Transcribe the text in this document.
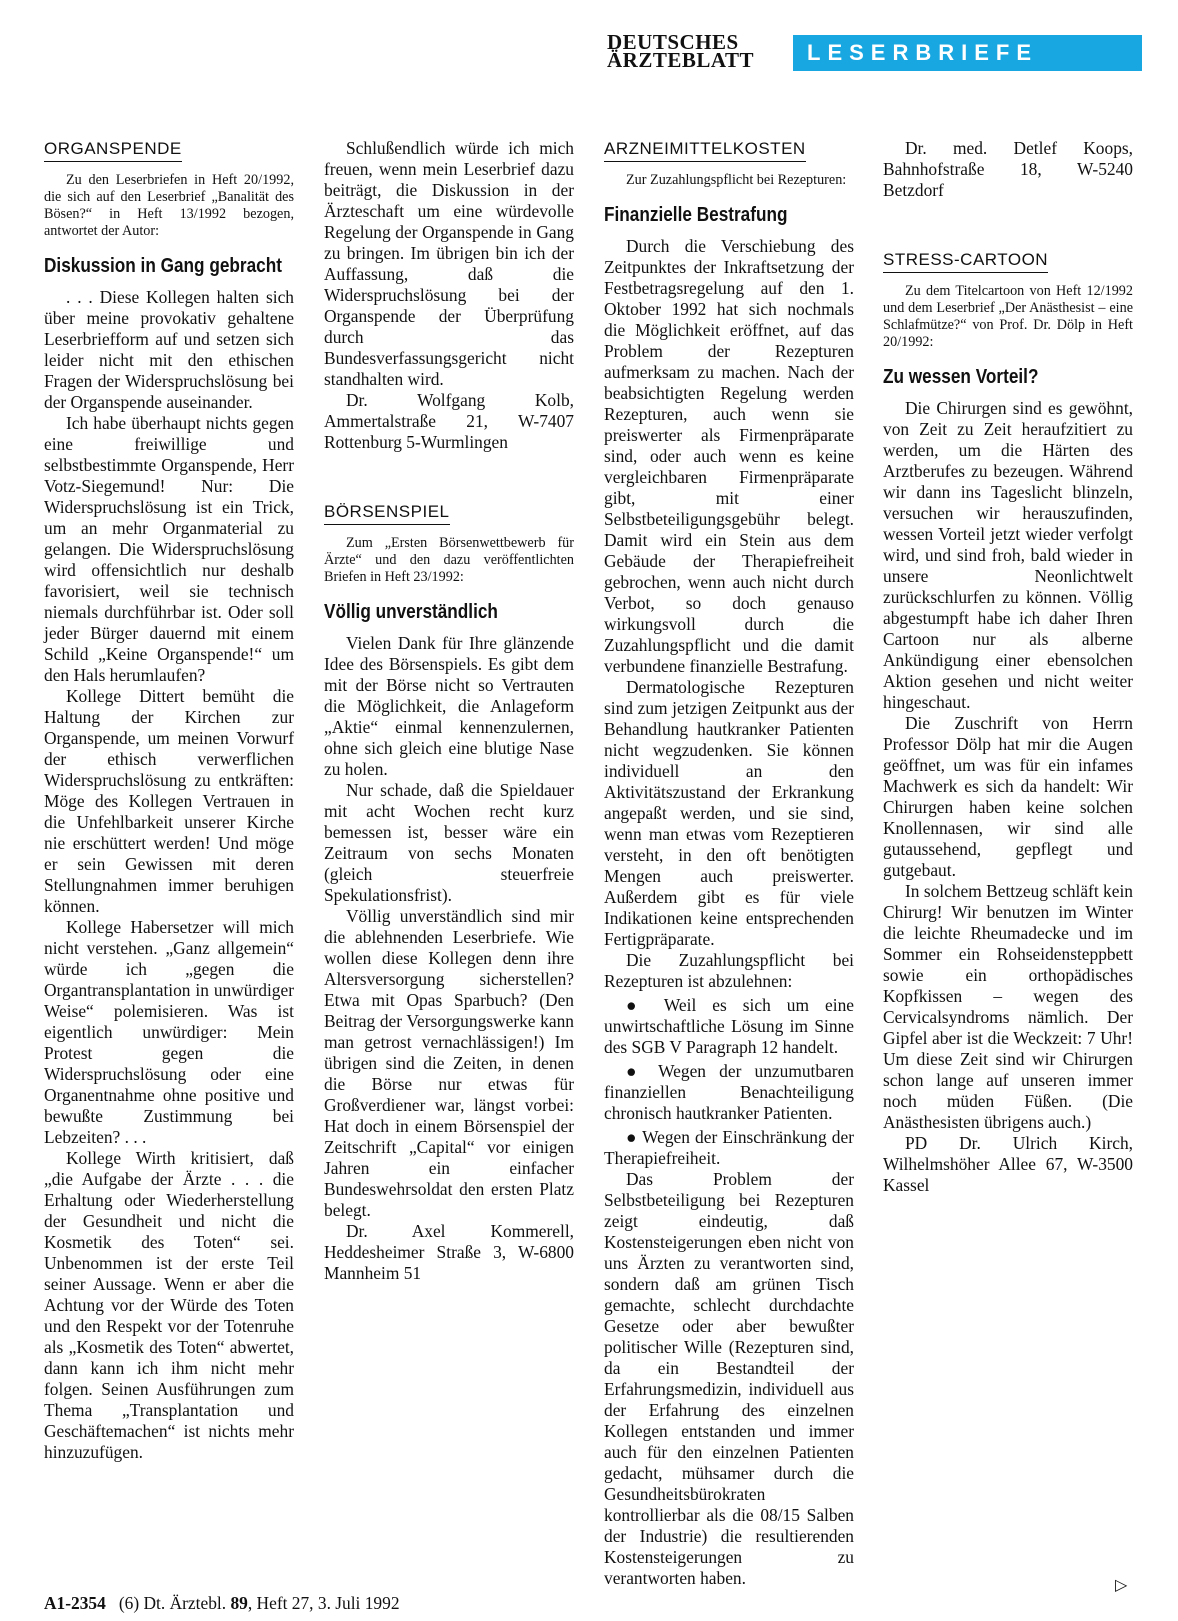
DEUTSCHES
ÄRZTEBLATT	LESERBRIEFE
ORGANSPENDE

Zu den Leserbriefen in Heft 20/1992, die sich auf den Leserbrief „Banalität des Bösen?“ in Heft 13/1992 bezogen, antwortet der Autor:

Diskussion in Gang gebracht

. . . Diese Kollegen halten sich über meine provokativ gehaltene Leserbriefform auf und setzen sich leider nicht mit den ethischen Fragen der Widerspruchslösung bei der Organspende auseinander.

Ich habe überhaupt nichts gegen eine freiwillige und selbstbestimmte Organspende, Herr Votz-Siegemund! Nur: Die Widerspruchslösung ist ein Trick, um an mehr Organmaterial zu gelangen. Die Widerspruchslösung wird offensichtlich nur deshalb favorisiert, weil sie technisch niemals durchführbar ist. Oder soll jeder Bürger dauernd mit einem Schild „Keine Organspende!“ um den Hals herumlaufen?

Kollege Dittert bemüht die Haltung der Kirchen zur Organspende, um meinen Vorwurf der ethisch verwerflichen Widerspruchslösung zu entkräften: Möge des Kollegen Vertrauen in die Unfehlbarkeit unserer Kirche nie erschüttert werden! Und möge er sein Gewissen mit deren Stellungnahmen immer beruhigen können.

Kollege Habersetzer will mich nicht verstehen. „Ganz allgemein“ würde ich „gegen die Organtransplantation in unwürdiger Weise“ polemisieren. Was ist eigentlich unwürdiger: Mein Protest gegen die Widerspruchslösung oder eine Organentnahme ohne positive und bewußte Zustimmung bei Lebzeiten? . . .

Kollege Wirth kritisiert, daß „die Aufgabe der Ärzte . . . die Erhaltung oder Wiederherstellung der Gesundheit und nicht die Kosmetik des Toten“ sei. Unbenommen ist der erste Teil seiner Aussage. Wenn er aber die Achtung vor der Würde des Toten und den Respekt vor der Totenruhe als „Kosmetik des Toten“ abwertet, dann kann ich ihm nicht mehr folgen. Seinen Ausführungen zum Thema „Transplantation und Geschäftemachen“ ist nichts mehr hinzuzufügen.

Schlußendlich würde ich mich freuen, wenn mein Leserbrief dazu beiträgt, die Diskussion in der Ärzteschaft um eine würdevolle Regelung der Organspende in Gang zu bringen. Im übrigen bin ich der Auffassung, daß die Widerspruchslösung bei der Organspende der Überprüfung durch das Bundesverfassungsgericht nicht standhalten wird.

Dr. Wolfgang Kolb, Ammertalstraße 21, W-7407 Rottenburg 5-Wurmlingen

BÖRSENSPIEL

Zum „Ersten Börsenwettbewerb für Ärzte“ und den dazu veröffentlichten Briefen in Heft 23/1992:

Völlig unverständlich

Vielen Dank für Ihre glänzende Idee des Börsenspiels. Es gibt dem mit der Börse nicht so Vertrauten die Möglichkeit, die Anlageform „Aktie“ einmal kennenzulernen, ohne sich gleich eine blutige Nase zu holen.

Nur schade, daß die Spieldauer mit acht Wochen recht kurz bemessen ist, besser wäre ein Zeitraum von sechs Monaten (gleich steuerfreie Spekulationsfrist).

Völlig unverständlich sind mir die ablehnenden Leserbriefe. Wie wollen diese Kollegen denn ihre Altersversorgung sicherstellen? Etwa mit Opas Sparbuch? (Den Beitrag der Versorgungswerke kann man getrost vernachlässigen!) Im übrigen sind die Zeiten, in denen die Börse nur etwas für Großverdiener war, längst vorbei: Hat doch in einem Börsenspiel der Zeitschrift „Capital“ vor einigen Jahren ein einfacher Bundeswehrsoldat den ersten Platz belegt.

Dr. Axel Kommerell, Heddesheimer Straße 3, W-6800 Mannheim 51

ARZNEIMITTELKOSTEN

Zur Zuzahlungspflicht bei Rezepturen:

Finanzielle Bestrafung

Durch die Verschiebung des Zeitpunktes der Inkraftsetzung der Festbetragsregelung auf den 1. Oktober 1992 hat sich nochmals die Möglichkeit eröffnet, auf das Problem der Rezepturen aufmerksam zu machen. Nach der beabsichtigten Regelung werden Rezepturen, auch wenn sie preiswerter als Firmenpräparate sind, oder auch wenn es keine vergleichbaren Firmenpräparate gibt, mit einer Selbstbeteiligungsgebühr belegt. Damit wird ein Stein aus dem Gebäude der Therapiefreiheit gebrochen, wenn auch nicht durch Verbot, so doch genauso wirkungsvoll durch die Zuzahlungspflicht und die damit verbundene finanzielle Bestrafung.

Dermatologische Rezepturen sind zum jetzigen Zeitpunkt aus der Behandlung hautkranker Patienten nicht wegzudenken. Sie können individuell an den Aktivitätszustand der Erkrankung angepaßt werden, und sie sind, wenn man etwas vom Rezeptieren versteht, in den oft benötigten Mengen auch preiswerter. Außerdem gibt es für viele Indikationen keine entsprechenden Fertigpräparate.

Die Zuzahlungspflicht bei Rezepturen ist abzulehnen:

● Weil es sich um eine unwirtschaftliche Lösung im Sinne des SGB V Paragraph 12 handelt.

● Wegen der unzumutbaren finanziellen Benachteiligung chronisch hautkranker Patienten.

● Wegen der Einschränkung der Therapiefreiheit.

Das Problem der Selbstbeteiligung bei Rezepturen zeigt eindeutig, daß Kostensteigerungen eben nicht von uns Ärzten zu verantworten sind, sondern daß am grünen Tisch gemachte, schlecht durchdachte Gesetze oder aber bewußter politischer Wille (Rezepturen sind, da ein Bestandteil der Erfahrungsmedizin, individuell aus der Erfahrung des einzelnen Kollegen entstanden und immer auch für den einzelnen Patienten gedacht, mühsamer durch die Gesundheitsbürokraten kontrollierbar als die 08/15 Salben der Industrie) die resultierenden Kostensteigerungen zu verantworten haben.

Dr. med. Detlef Koops, Bahnhofstraße 18, W-5240 Betzdorf

STRESS-CARTOON

Zu dem Titelcartoon von Heft 12/1992 und dem Leserbrief „Der Anästhesist – eine Schlafmütze?“ von Prof. Dr. Dölp in Heft 20/1992:

Zu wessen Vorteil?

Die Chirurgen sind es gewöhnt, von Zeit zu Zeit heraufzitiert zu werden, um die Härten des Arztberufes zu bezeugen. Während wir dann ins Tageslicht blinzeln, versuchen wir herauszufinden, wessen Vorteil jetzt wieder verfolgt wird, und sind froh, bald wieder in unsere Neonlichtwelt zurückschlurfen zu können. Völlig abgestumpft habe ich daher Ihren Cartoon nur als alberne Ankündigung einer ebensolchen Aktion gesehen und nicht weiter hingeschaut.

Die Zuschrift von Herrn Professor Dölp hat mir die Augen geöffnet, um was für ein infames Machwerk es sich da handelt: Wir Chirurgen haben keine solchen Knollennasen, wir sind alle gutaussehend, gepflegt und gutgebaut.

In solchem Bettzeug schläft kein Chirurg! Wir benutzen im Winter die leichte Rheumadecke und im Sommer ein Rohseidensteppbett sowie ein orthopädisches Kopfkissen – wegen des Cervicalsyndroms nämlich. Der Gipfel aber ist die Weckzeit: 7 Uhr! Um diese Zeit sind wir Chirurgen schon lange auf unseren immer noch müden Füßen. (Die Anästhesisten übrigens auch.)

PD Dr. Ulrich Kirch, Wilhelmshöher Allee 67, W-3500 Kassel

▷
A1-2354 (6) Dt. Ärztebl. 89, Heft 27, 3. Juli 1992
